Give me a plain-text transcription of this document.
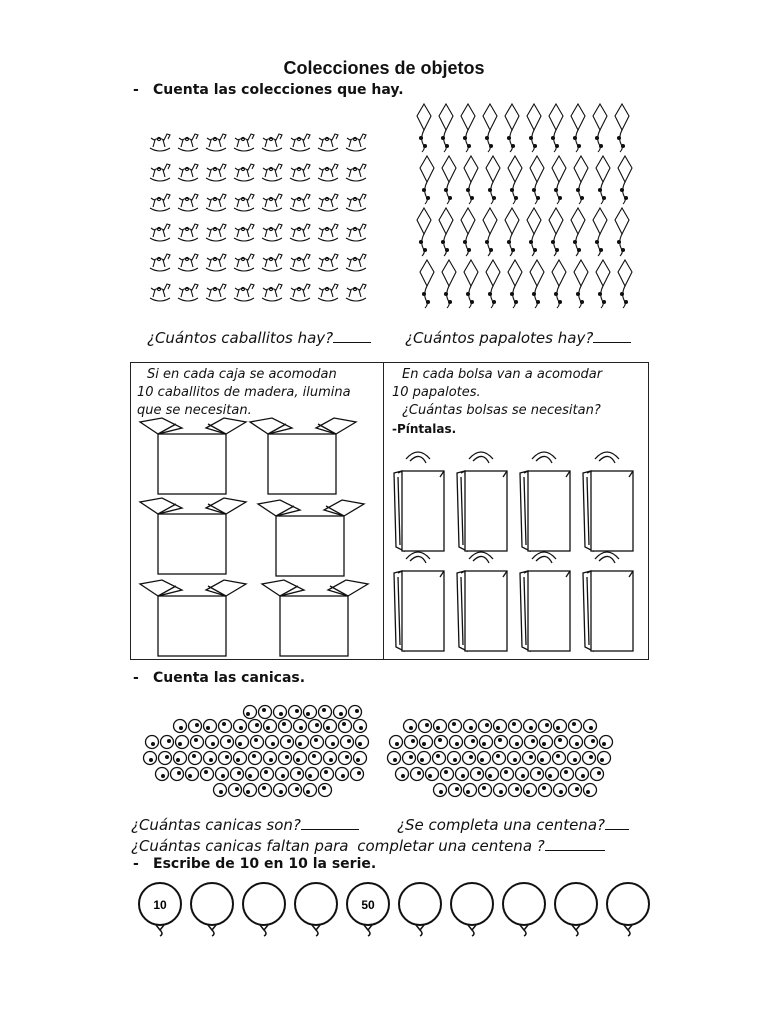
Colecciones de objetos
- Cuenta las colecciones que hay.
¿Cuántos caballitos hay?	¿Cuántos papalotes hay?
Si en cada caja se acomodan
10 caballitos de madera, ilumina
que se necesitan.
En cada bolsa van a acomodar
10 papalotes.
¿Cuántas bolsas se necesitan?
-Píntalas.
- Cuenta las canicas.
¿Cuántas canicas son?	¿Se completa una centena?
¿Cuántas canicas faltan para completar una centena ?
- Escribe de 10 en 10 la serie.
10	50
